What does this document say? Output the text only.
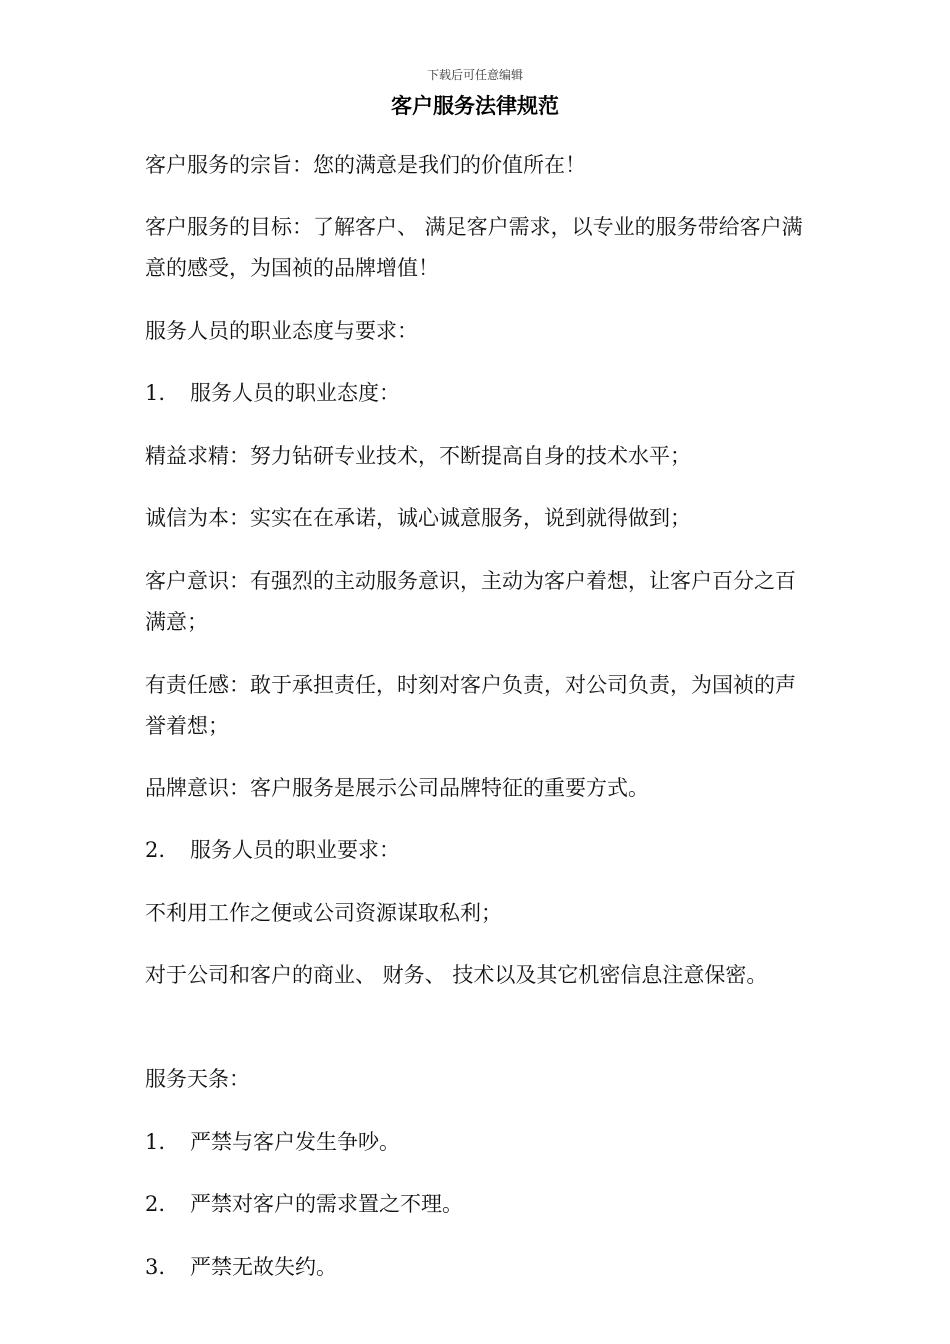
下载后可任意编辑
客户服务法律规范

客户服务的宗旨：您的满意是我们的价值所在！

客户服务的目标：了解客户、 满足客户需求，以专业的服务带给客户满意的感受，为国祯的品牌增值！

服务人员的职业态度与要求：

1. 服务人员的职业态度：

精益求精：努力钻研专业技术，不断提高自身的技术水平；

诚信为本：实实在在承诺，诚心诚意服务，说到就得做到；

客户意识：有强烈的主动服务意识，主动为客户着想，让客户百分之百满意；

有责任感：敢于承担责任，时刻对客户负责，对公司负责，为国祯的声誉着想；

品牌意识：客户服务是展示公司品牌特征的重要方式。

2. 服务人员的职业要求：

不利用工作之便或公司资源谋取私利；

对于公司和客户的商业、 财务、 技术以及其它机密信息注意保密。

服务天条：

1. 严禁与客户发生争吵。

2. 严禁对客户的需求置之不理。

3. 严禁无故失约。
